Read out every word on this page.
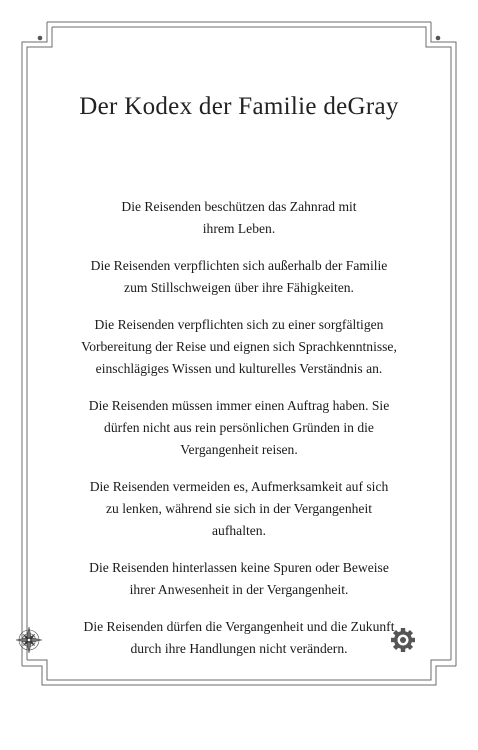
Der Kodex der Familie deGray

Die Reisenden beschützen das Zahnrad mit
ihrem Leben.

Die Reisenden verpflichten sich außerhalb der Familie
zum Stillschweigen über ihre Fähigkeiten.

Die Reisenden verpflichten sich zu einer sorgfältigen
Vorbereitung der Reise und eignen sich Sprachkenntnisse,
einschlägiges Wissen und kulturelles Verständnis an.

Die Reisenden müssen immer einen Auftrag haben. Sie
dürfen nicht aus rein persönlichen Gründen in die
Vergangenheit reisen.

Die Reisenden vermeiden es, Aufmerksamkeit auf sich
zu lenken, während sie sich in der Vergangenheit
aufhalten.

Die Reisenden hinterlassen keine Spuren oder Beweise
ihrer Anwesenheit in der Vergangenheit.

Die Reisenden dürfen die Vergangenheit und die Zukunft
durch ihre Handlungen nicht verändern.
